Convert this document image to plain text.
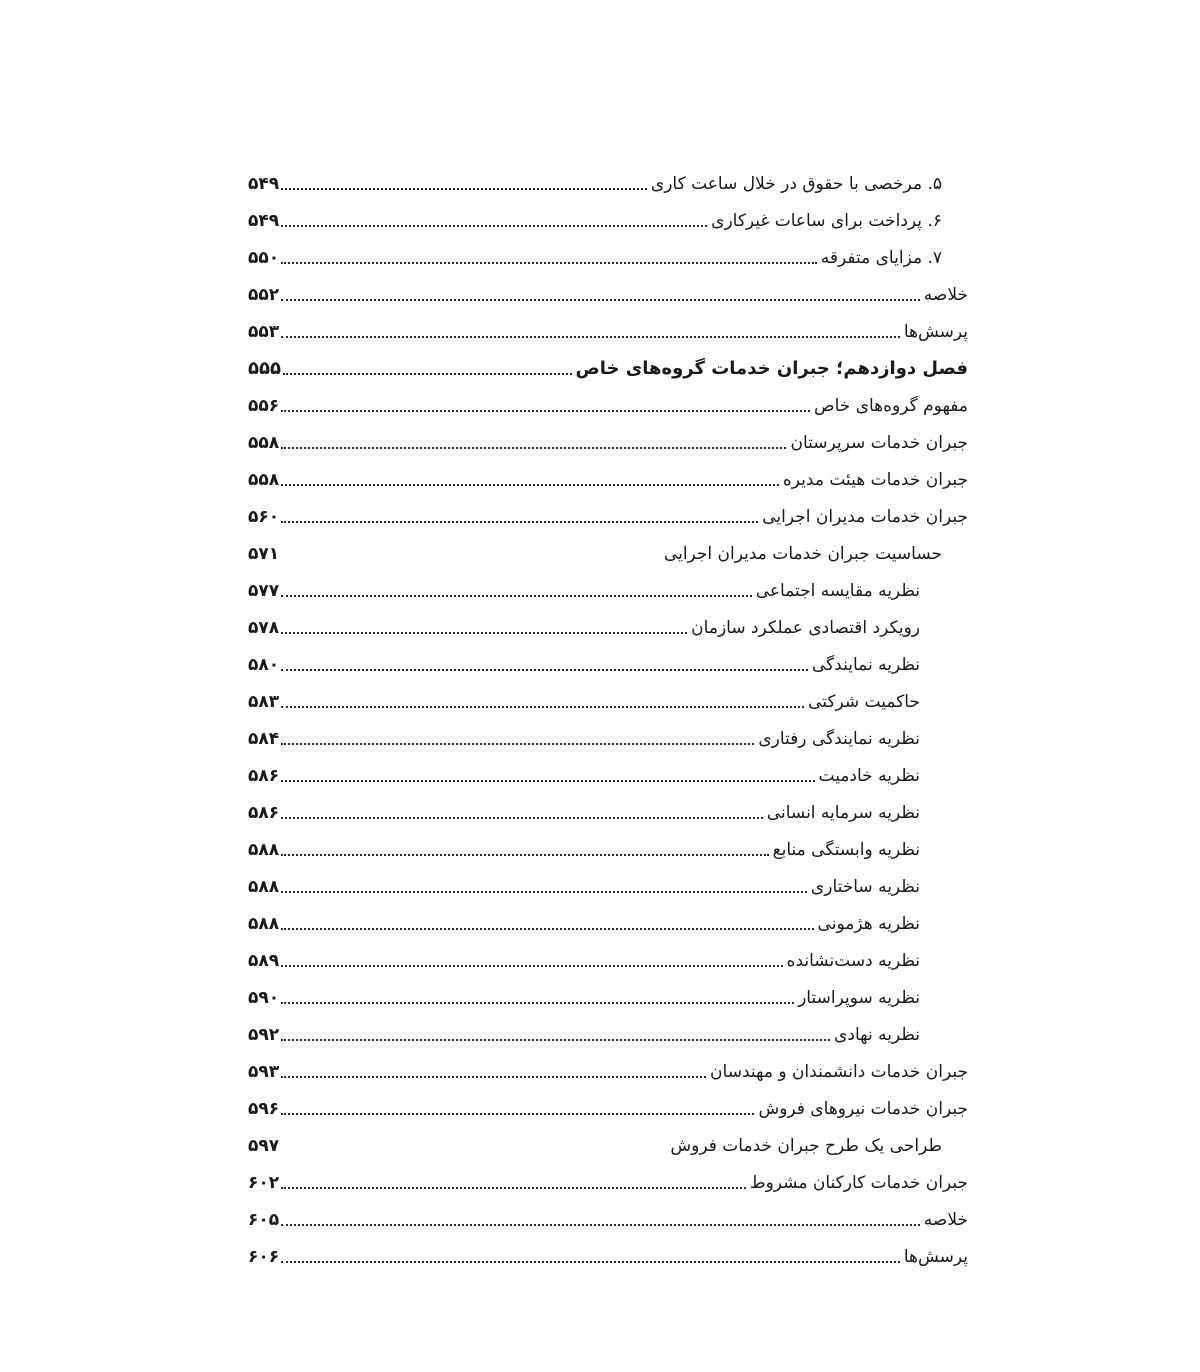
۵. مرخصی با حقوق در خلال ساعت کاری
۵۴۹
۶. پرداخت برای ساعات غیرکاری
۵۴۹
۷. مزایای متفرقه
۵۵۰
خلاصه
۵۵۲
پرسش‌ها
۵۵۳
فصل دوازدهم؛ جبران خدمات گروه‌های خاص
۵۵۵
مفهوم گروه‌های خاص
۵۵۶
جبران خدمات سرپرستان
۵۵۸
جبران خدمات هیئت مدیره
۵۵۸
جبران خدمات مدیران اجرایی
۵۶۰
حساسیت جبران خدمات مدیران اجرایی
۵۷۱
نظریه مقایسه اجتماعی
۵۷۷
رویکرد اقتصادی عملکرد سازمان
۵۷۸
نظریه نمایندگی
۵۸۰
حاکمیت شرکتی
۵۸۳
نظریه نمایندگی رفتاری
۵۸۴
نظریه خادمیت
۵۸۶
نظریه سرمایه انسانی
۵۸۶
نظریه وابستگی منابع
۵۸۸
نظریه ساختاری
۵۸۸
نظریه هژمونی
۵۸۸
نظریه دست‌نشانده
۵۸۹
نظریه سوپراستار
۵۹۰
نظریه نهادی
۵۹۲
جبران خدمات دانشمندان و مهندسان
۵۹۳
جبران خدمات نیروهای فروش
۵۹۶
طراحی یک طرح جبران خدمات فروش
۵۹۷
جبران خدمات کارکنان مشروط
۶۰۲
خلاصه
۶۰۵
پرسش‌ها
۶۰۶
